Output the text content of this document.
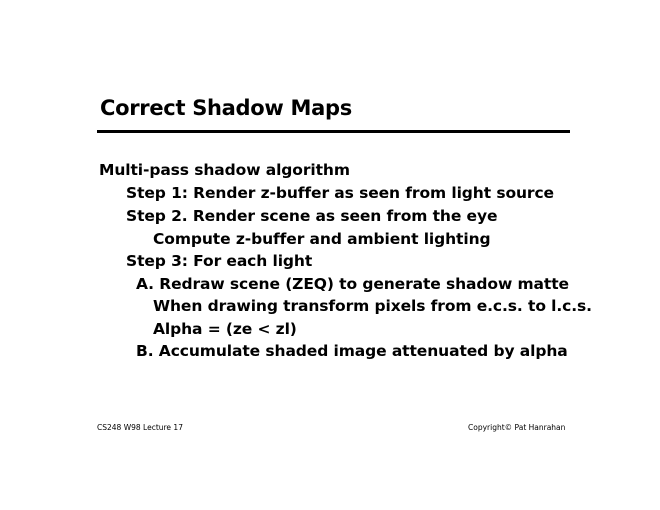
Correct Shadow Maps
Multi-pass shadow algorithm
Step 1: Render z-buffer as seen from light source
Step 2. Render scene as seen from the eye
Compute z-buffer and ambient lighting
Step 3: For each light
A. Redraw scene (ZEQ) to generate shadow matte
When drawing transform pixels from e.c.s. to l.c.s.
Alpha = (ze < zl)
B. Accumulate shaded image attenuated by alpha
CS248 W98 Lecture 17	Copyright© Pat Hanrahan
